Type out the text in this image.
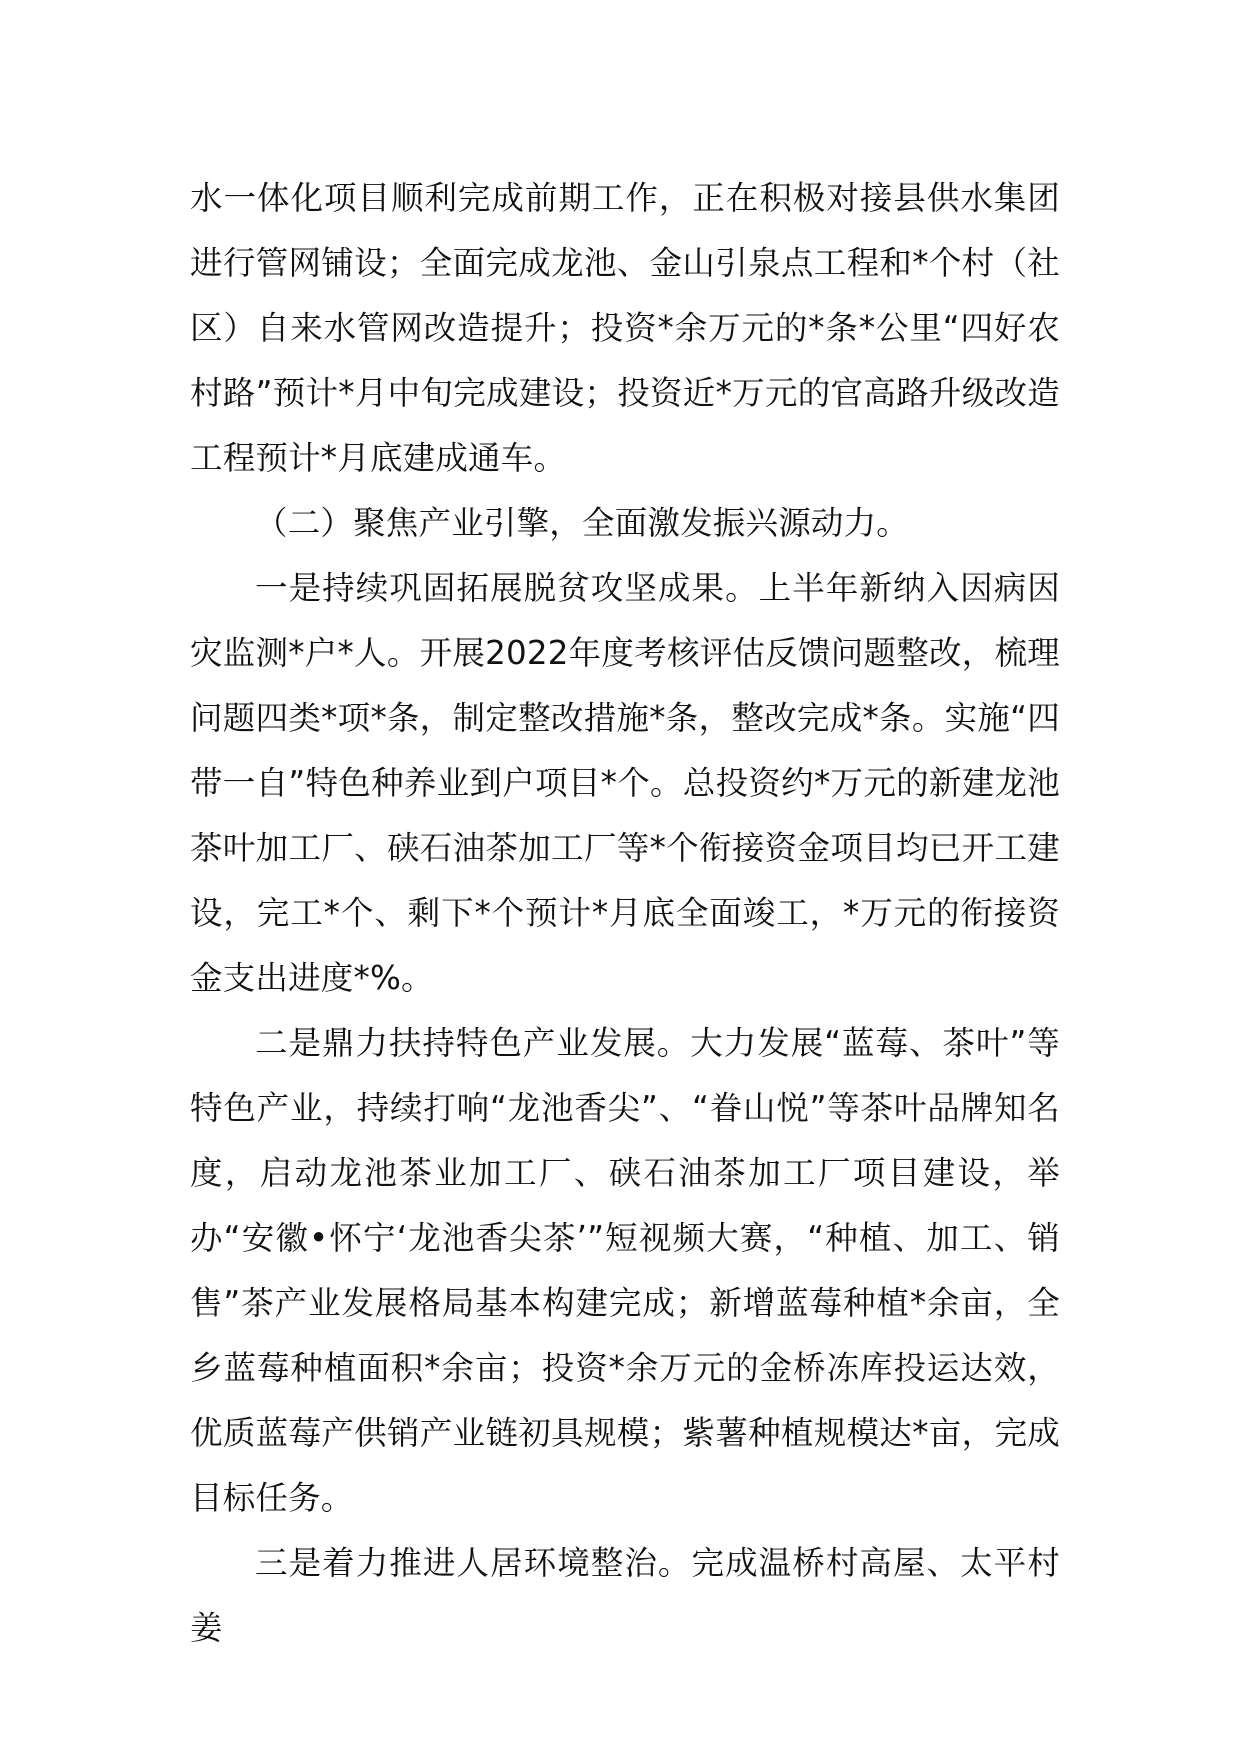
水一体化项目顺利完成前期工作，正在积极对接县供水集团进行管网铺设；全面完成龙池、金山引泉点工程和*个村（社区）自来水管网改造提升；投资*余万元的*条*公里“四好农村路”预计*月中旬完成建设；投资近*万元的官高路升级改造工程预计*月底建成通车。

（二）聚焦产业引擎，全面激发振兴源动力。

一是持续巩固拓展脱贫攻坚成果。上半年新纳入因病因灾监测*户*人。开展2022年度考核评估反馈问题整改，梳理问题四类*项*条，制定整改措施*条，整改完成*条。实施“四带一自”特色种养业到户项目*个。总投资约*万元的新建龙池茶叶加工厂、硖石油茶加工厂等*个衔接资金项目均已开工建设，完工*个、剩下*个预计*月底全面竣工，*万元的衔接资金支出进度*%。

二是鼎力扶持特色产业发展。大力发展“蓝莓、茶叶”等特色产业，持续打响“龙池香尖”、“眷山悦”等茶叶品牌知名度，启动龙池茶业加工厂、硖石油茶加工厂项目建设，举办“安徽•怀宁‘龙池香尖茶’”短视频大赛，“种植、加工、销售”茶产业发展格局基本构建完成；新增蓝莓种植*余亩，全乡蓝莓种植面积*余亩；投资*余万元的金桥冻库投运达效，优质蓝莓产供销产业链初具规模；紫薯种植规模达*亩，完成目标任务。

三是着力推进人居环境整治。完成温桥村高屋、太平村姜
